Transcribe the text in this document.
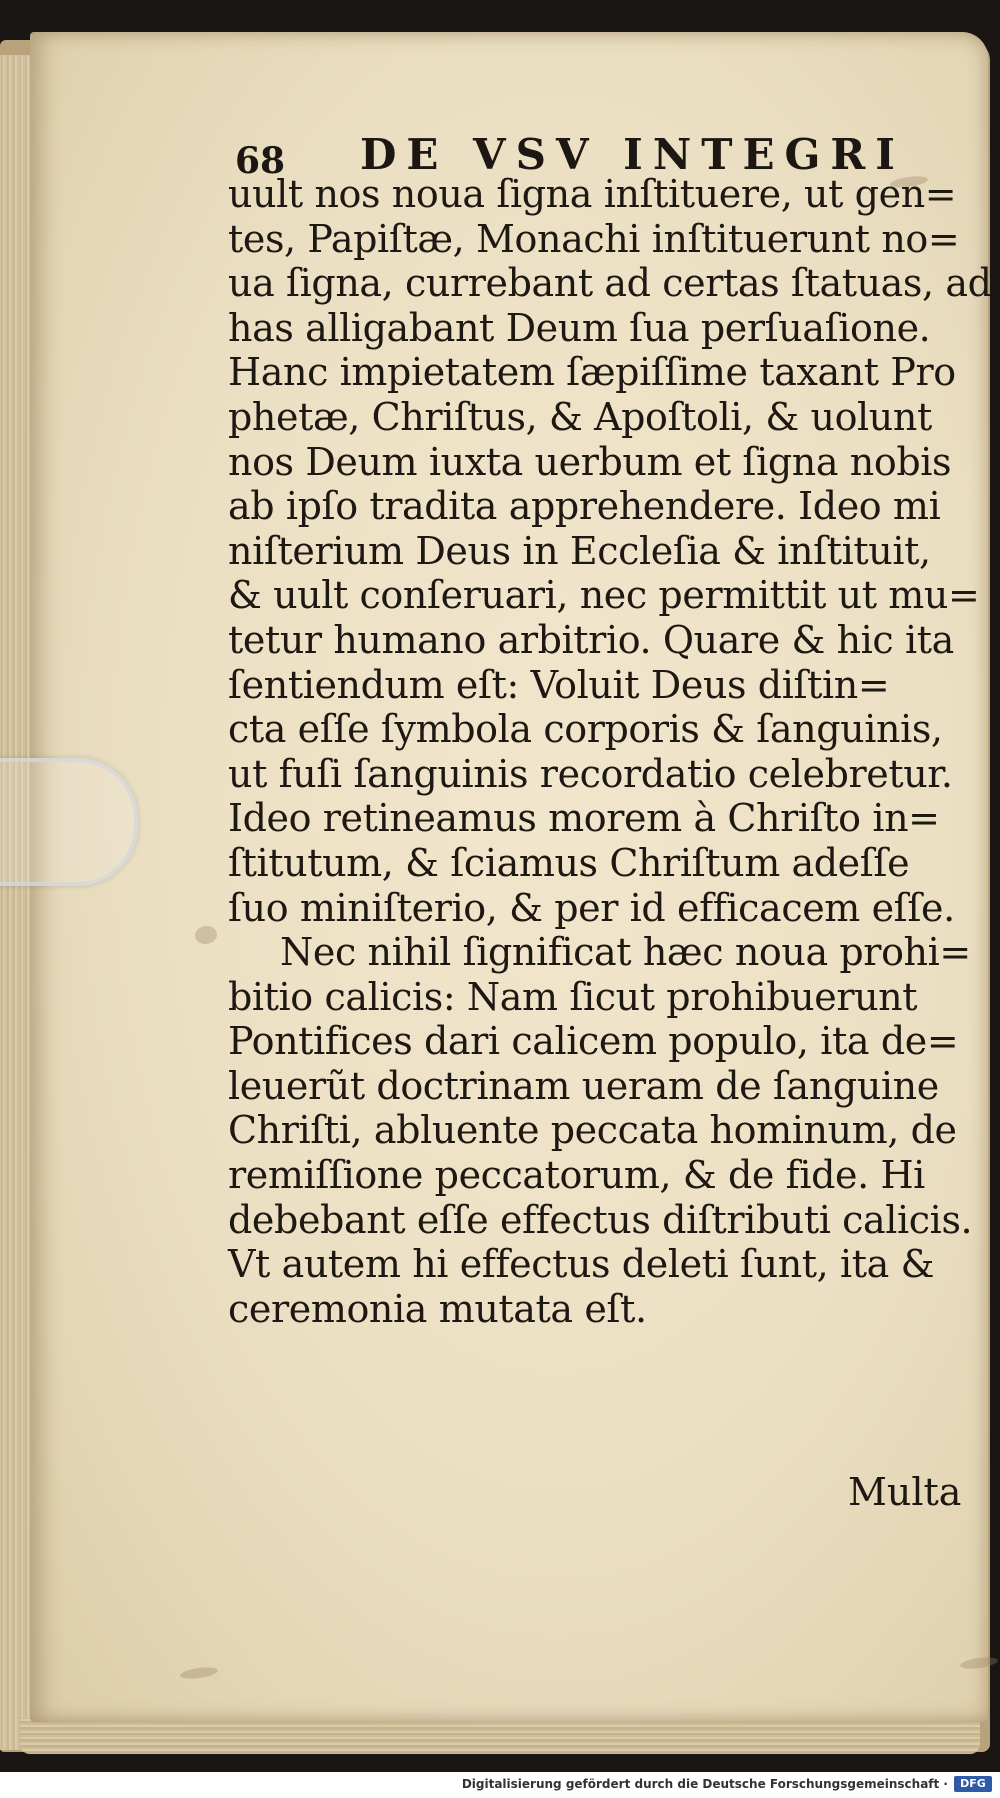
68 DE VSV INTEGRI
uult nos noua ſigna inſtituere, ut gen=
tes, Papiſtæ, Monachi inſtituerunt no=
ua ſigna, currebant ad certas ſtatuas, ad
has alligabant Deum ſua perſuaſione.
Hanc impietatem ſæpiſſime taxant Pro
phetæ, Chriſtus, & Apoſtoli, & uolunt
nos Deum iuxta uerbum et ſigna nobis
ab ipſo tradita apprehendere. Ideo mi
niſterium Deus in Eccleſia & inſtituit,
& uult conſeruari, nec permittit ut mu=
tetur humano arbitrio. Quare & hic ita
ſentiendum eſt: Voluit Deus diſtin=
cta eſſe ſymbola corporis & ſanguinis,
ut fuſi ſanguinis recordatio celebretur.
Ideo retineamus morem à Chriſto in=
ſtitutum, & ſciamus Chriſtum adeſſe
ſuo miniſterio, & per id efficacem eſſe.
Nec nihil ſignificat hæc noua prohi=
bitio calicis: Nam ſicut prohibuerunt
Pontifices dari calicem populo, ita de=
leuerũt doctrinam ueram de ſanguine
Chriſti, abluente peccata hominum, de
remiſſione peccatorum, & de fide. Hi
debebant eſſe effectus diſtributi calicis.
Vt autem hi effectus deleti ſunt, ita &
ceremonia mutata eſt.
Multa
Digitalisierung gefördert durch die Deutsche Forschungsgemeinschaft ·	DFG
